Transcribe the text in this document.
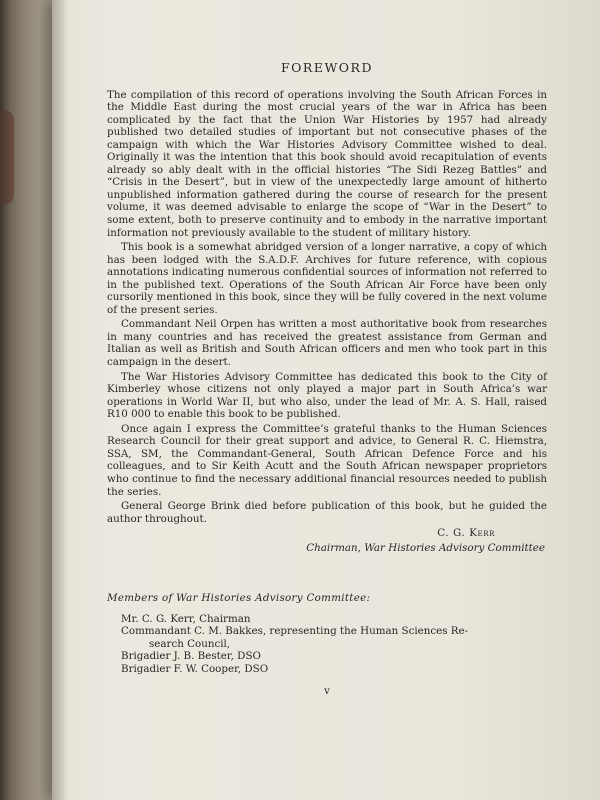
FOREWORD

The compilation of this record of operations involving the South African Forces in the Middle East during the most crucial years of the war in Africa has been complicated by the fact that the Union War Histories by 1957 had already published two detailed studies of important but not consecutive phases of the campaign with which the War Histories Advisory Committee wished to deal. Originally it was the intention that this book should avoid recapitulation of events already so ably dealt with in the official histories “The Sidi Rezeg Battles” and “Crisis in the Desert”, but in view of the unexpectedly large amount of hitherto unpublished information gathered during the course of research for the present volume, it was deemed advisable to enlarge the scope of “War in the Desert” to some extent, both to preserve continuity and to embody in the narrative important information not previously available to the student of military history.

This book is a somewhat abridged version of a longer narrative, a copy of which has been lodged with the S.A.D.F. Archives for future reference, with copious annotations indicating numerous confidential sources of information not referred to in the published text. Operations of the South African Air Force have been only cursorily mentioned in this book, since they will be fully covered in the next volume of the present series.

Commandant Neil Orpen has written a most authoritative book from researches in many countries and has received the greatest assistance from German and Italian as well as British and South African officers and men who took part in this campaign in the desert.

The War Histories Advisory Committee has dedicated this book to the City of Kimberley whose citizens not only played a major part in South Africa’s war operations in World War II, but who also, under the lead of Mr. A. S. Hall, raised R10 000 to enable this book to be published.

Once again I express the Committee’s grateful thanks to the Human Sciences Research Council for their great support and advice, to General R. C. Hiemstra, SSA, SM, the Commandant-General, South African Defence Force and his colleagues, and to Sir Keith Acutt and the South African newspaper proprietors who continue to find the necessary additional financial resources needed to publish the series.

General George Brink died before publication of this book, but he guided the author throughout.

C. G. Kerr
Chairman, War Histories Advisory Committee
Members of War Histories Advisory Committee:
Mr. C. G. Kerr, Chairman
Commandant C. M. Bakkes, representing the Human Sciences Re-
search Council,
Brigadier J. B. Bester, DSO
Brigadier F. W. Cooper, DSO
v
